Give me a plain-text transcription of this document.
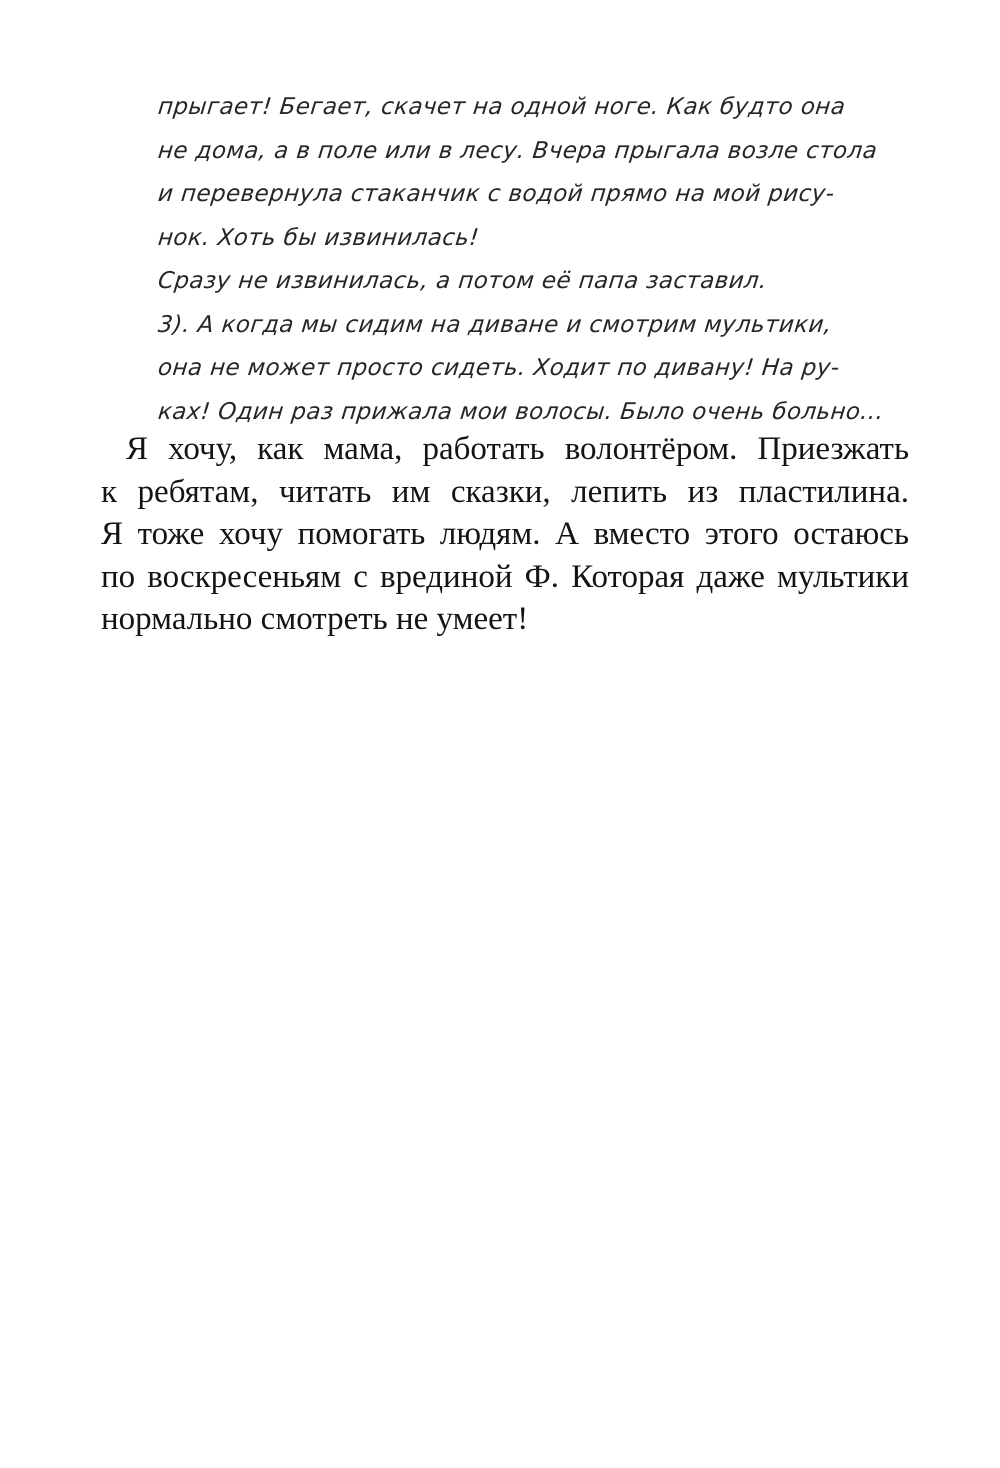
прыгает! Бегает, скачет на одной ноге. Как будто она
не дома, а в поле или в лесу. Вчера прыгала возле стола
и перевернула стаканчик с водой прямо на мой рису-
нок. Хоть бы извинилась!
Сразу не извинилась, а потом её папа заставил.
3). А когда мы сидим на диване и смотрим мультики,
она не может просто сидеть. Ходит по дивану! На ру-
ках! Один раз прижала мои волосы. Было очень больно...
Я хочу, как мама, работать волонтёром. Приезжать
к ребятам, читать им сказки, лепить из пластилина.
Я тоже хочу помогать людям. А вместо этого остаюсь
по воскресеньям с врединой Ф. Которая даже мультики
нормально смотреть не умеет!
